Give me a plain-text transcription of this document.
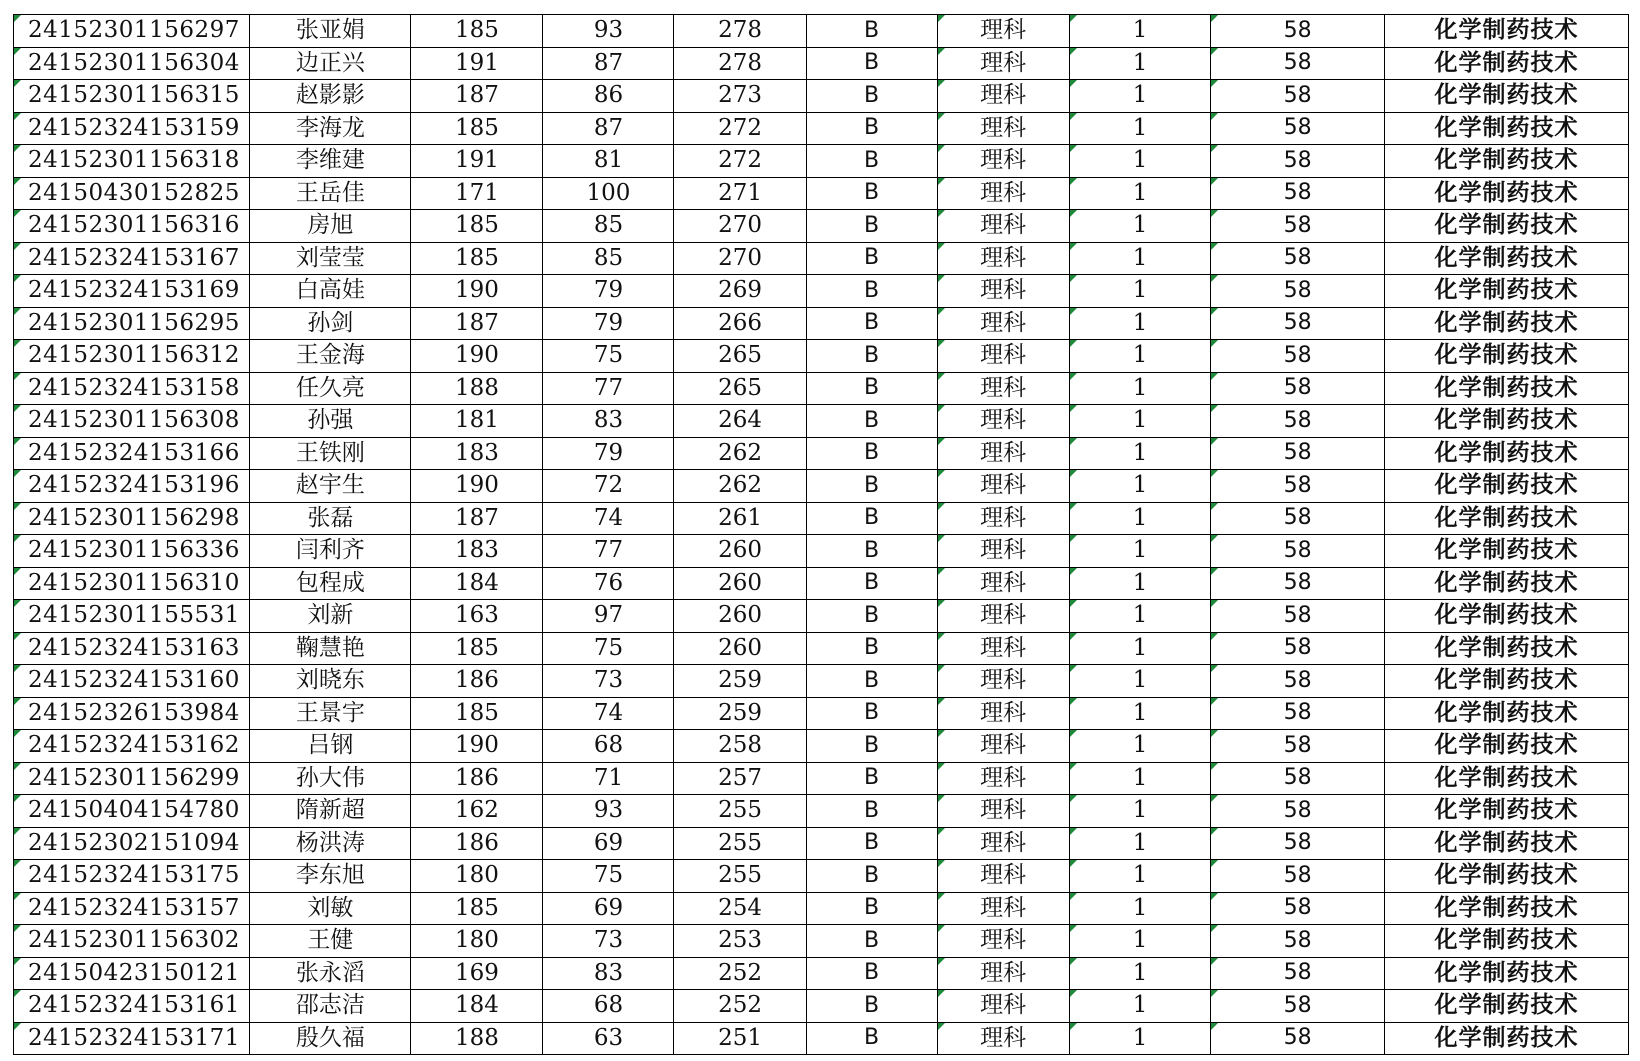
24152301156297	张亚娟	185	93	278	B	理科	1	58	化学制药技术
24152301156304	边正兴	191	87	278	B	理科	1	58	化学制药技术
24152301156315	赵影影	187	86	273	B	理科	1	58	化学制药技术
24152324153159	李海龙	185	87	272	B	理科	1	58	化学制药技术
24152301156318	李维建	191	81	272	B	理科	1	58	化学制药技术
24150430152825	王岳佳	171	100	271	B	理科	1	58	化学制药技术
24152301156316	房旭	185	85	270	B	理科	1	58	化学制药技术
24152324153167	刘莹莹	185	85	270	B	理科	1	58	化学制药技术
24152324153169	白高娃	190	79	269	B	理科	1	58	化学制药技术
24152301156295	孙剑	187	79	266	B	理科	1	58	化学制药技术
24152301156312	王金海	190	75	265	B	理科	1	58	化学制药技术
24152324153158	任久亮	188	77	265	B	理科	1	58	化学制药技术
24152301156308	孙强	181	83	264	B	理科	1	58	化学制药技术
24152324153166	王铁刚	183	79	262	B	理科	1	58	化学制药技术
24152324153196	赵宇生	190	72	262	B	理科	1	58	化学制药技术
24152301156298	张磊	187	74	261	B	理科	1	58	化学制药技术
24152301156336	闫利齐	183	77	260	B	理科	1	58	化学制药技术
24152301156310	包程成	184	76	260	B	理科	1	58	化学制药技术
24152301155531	刘新	163	97	260	B	理科	1	58	化学制药技术
24152324153163	鞠慧艳	185	75	260	B	理科	1	58	化学制药技术
24152324153160	刘晓东	186	73	259	B	理科	1	58	化学制药技术
24152326153984	王景宇	185	74	259	B	理科	1	58	化学制药技术
24152324153162	吕钢	190	68	258	B	理科	1	58	化学制药技术
24152301156299	孙大伟	186	71	257	B	理科	1	58	化学制药技术
24150404154780	隋新超	162	93	255	B	理科	1	58	化学制药技术
24152302151094	杨洪涛	186	69	255	B	理科	1	58	化学制药技术
24152324153175	李东旭	180	75	255	B	理科	1	58	化学制药技术
24152324153157	刘敏	185	69	254	B	理科	1	58	化学制药技术
24152301156302	王健	180	73	253	B	理科	1	58	化学制药技术
24150423150121	张永滔	169	83	252	B	理科	1	58	化学制药技术
24152324153161	邵志洁	184	68	252	B	理科	1	58	化学制药技术
24152324153171	殷久福	188	63	251	B	理科	1	58	化学制药技术
